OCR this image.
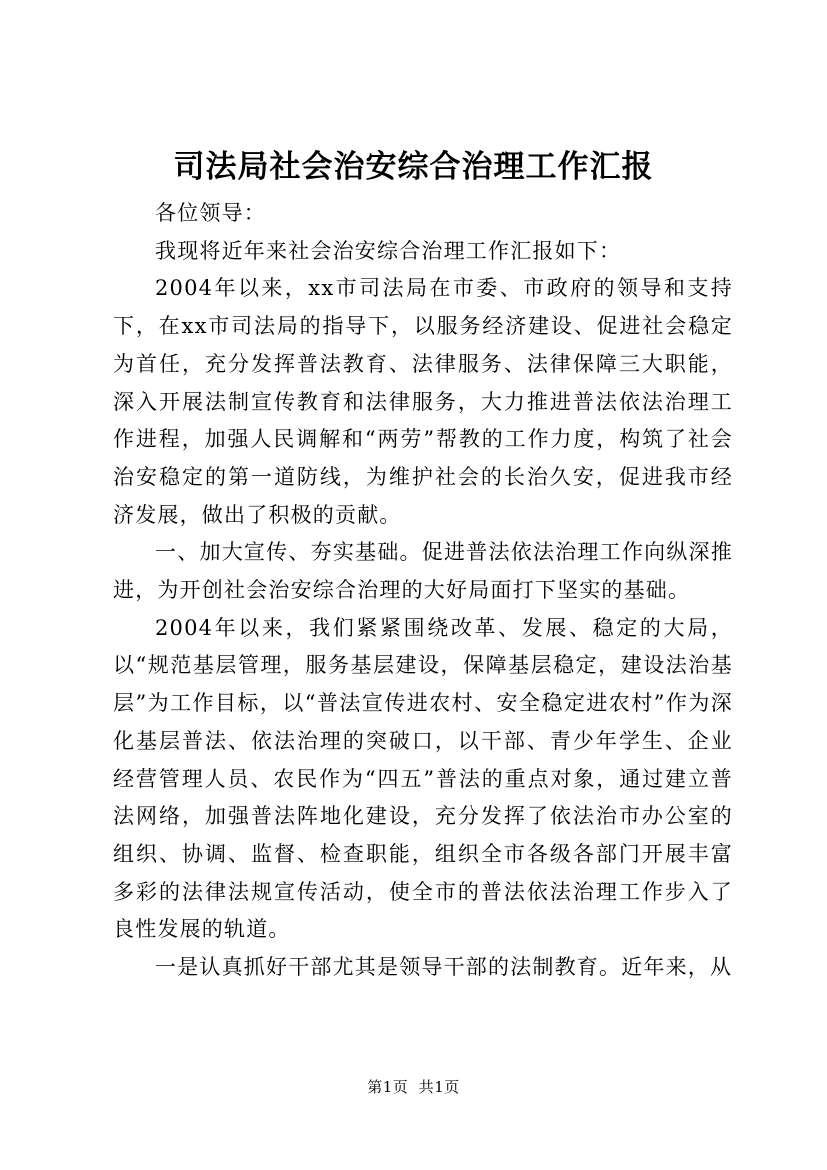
司法局社会治安综合治理工作汇报

各位领导：

我现将近年来社会治安综合治理工作汇报如下：

2004年以来，xx市司法局在市委、市政府的领导和支持下，在xx市司法局的指导下，以服务经济建设、促进社会稳定为首任，充分发挥普法教育、法律服务、法律保障三大职能，深入开展法制宣传教育和法律服务，大力推进普法依法治理工作进程，加强人民调解和“两劳”帮教的工作力度，构筑了社会治安稳定的第一道防线，为维护社会的长治久安，促进我市经济发展，做出了积极的贡献。

一、加大宣传、夯实基础。促进普法依法治理工作向纵深推进，为开创社会治安综合治理的大好局面打下坚实的基础。

2004年以来，我们紧紧围绕改革、发展、稳定的大局，以“规范基层管理，服务基层建设，保障基层稳定，建设法治基层”为工作目标，以“普法宣传进农村、安全稳定进农村”作为深化基层普法、依法治理的突破口，以干部、青少年学生、企业经营管理人员、农民作为“四五”普法的重点对象，通过建立普法网络，加强普法阵地化建设，充分发挥了依法治市办公室的组织、协调、监督、检查职能，组织全市各级各部门开展丰富多彩的法律法规宣传活动，使全市的普法依法治理工作步入了良性发展的轨道。

一是认真抓好干部尤其是领导干部的法制教育。近年来，从

第1页  共1页
